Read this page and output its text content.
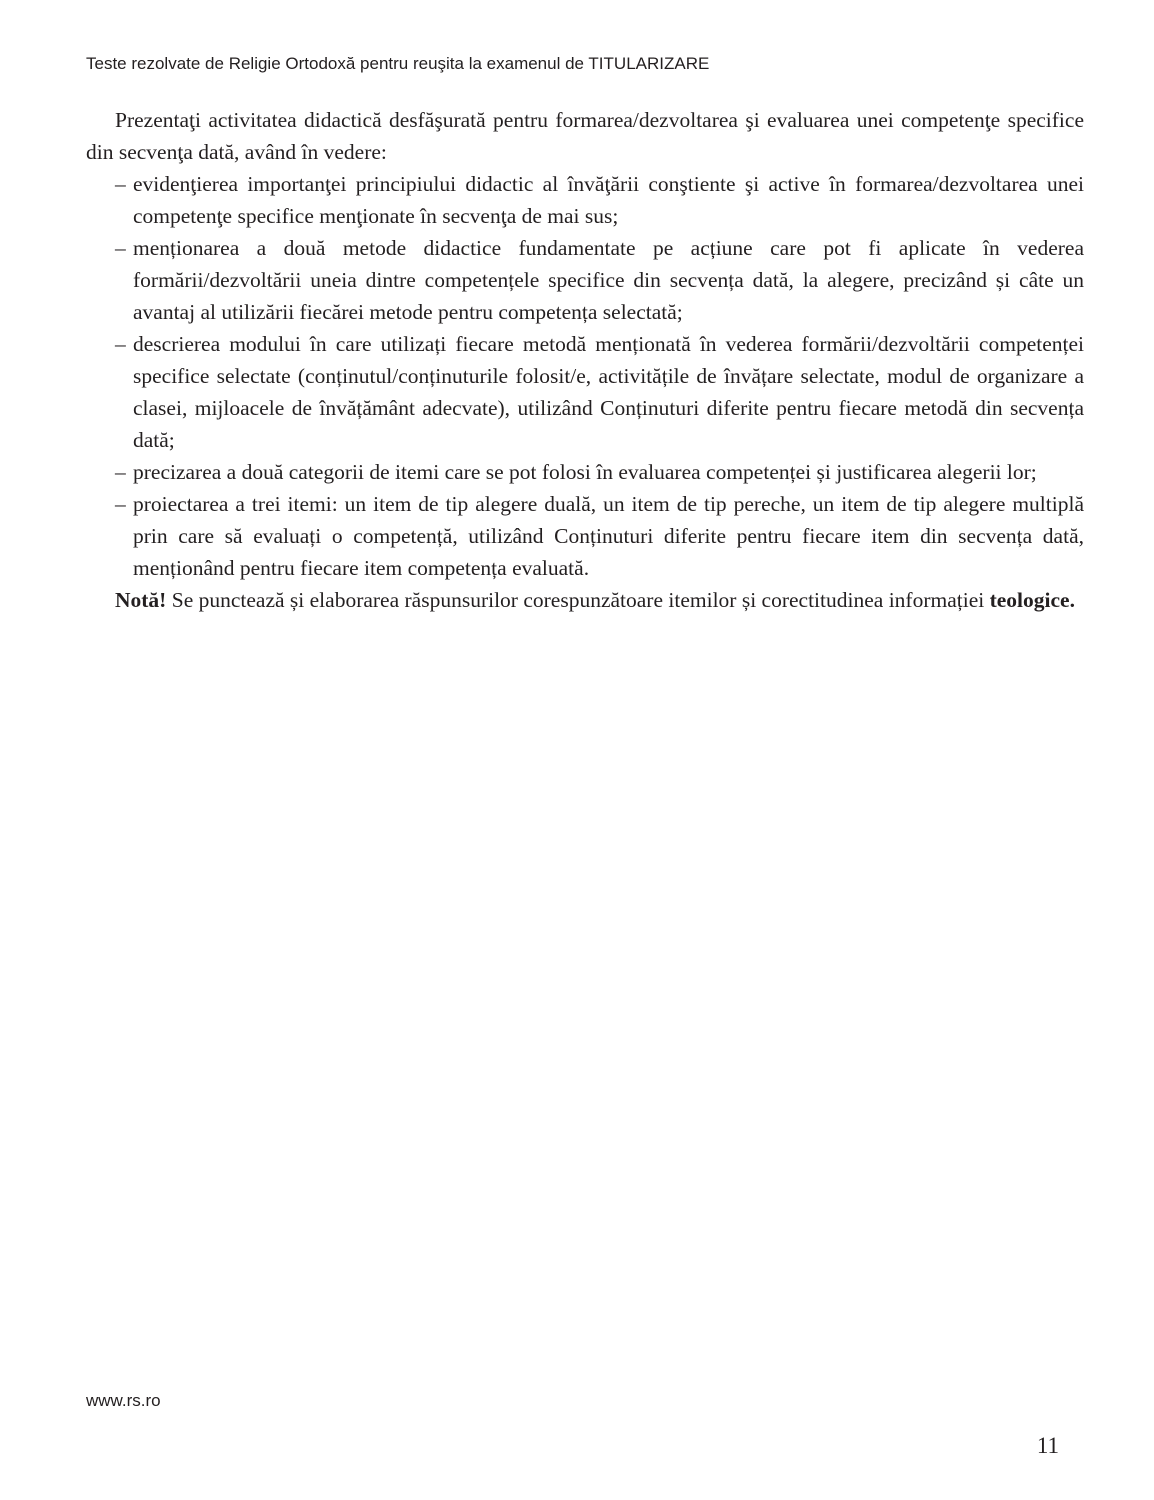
Teste rezolvate de Religie Ortodoxă pentru reuşita la examenul de TITULARIZARE

Prezentaţi activitatea didactică desfăşurată pentru formarea/dezvoltarea şi evaluarea unei competenţe specifice din secvenţa dată, având în vedere:

– evidenţierea importanţei principiului didactic al învăţării conştiente şi active în formarea/dezvoltarea unei competenţe specifice menţionate în secvenţa de mai sus;

– menționarea a două metode didactice fundamentate pe acțiune care pot fi aplicate în vederea formării/dezvoltării uneia dintre competențele specifice din secvența dată, la alegere, precizând și câte un avantaj al utilizării fiecărei metode pentru competența selectată;

– descrierea modului în care utilizați fiecare metodă menționată în vederea formării/dezvoltării competenței specifice selectate (conținutul/conținuturile folosit/e, activitățile de învățare selectate, modul de organizare a clasei, mijloacele de învățământ adecvate), utilizând Conținuturi diferite pentru fiecare metodă din secvența dată;

– precizarea a două categorii de itemi care se pot folosi în evaluarea competenței și justificarea alegerii lor;

– proiectarea a trei itemi: un item de tip alegere duală, un item de tip pereche, un item de tip alegere multiplă prin care să evaluați o competență, utilizând Conținuturi diferite pentru fiecare item din secvența dată, menționând pentru fiecare item competența evaluată.

Notă! Se punctează și elaborarea răspunsurilor corespunzătoare itemilor și corectitudinea informației teologice.

www.rs.ro
11
